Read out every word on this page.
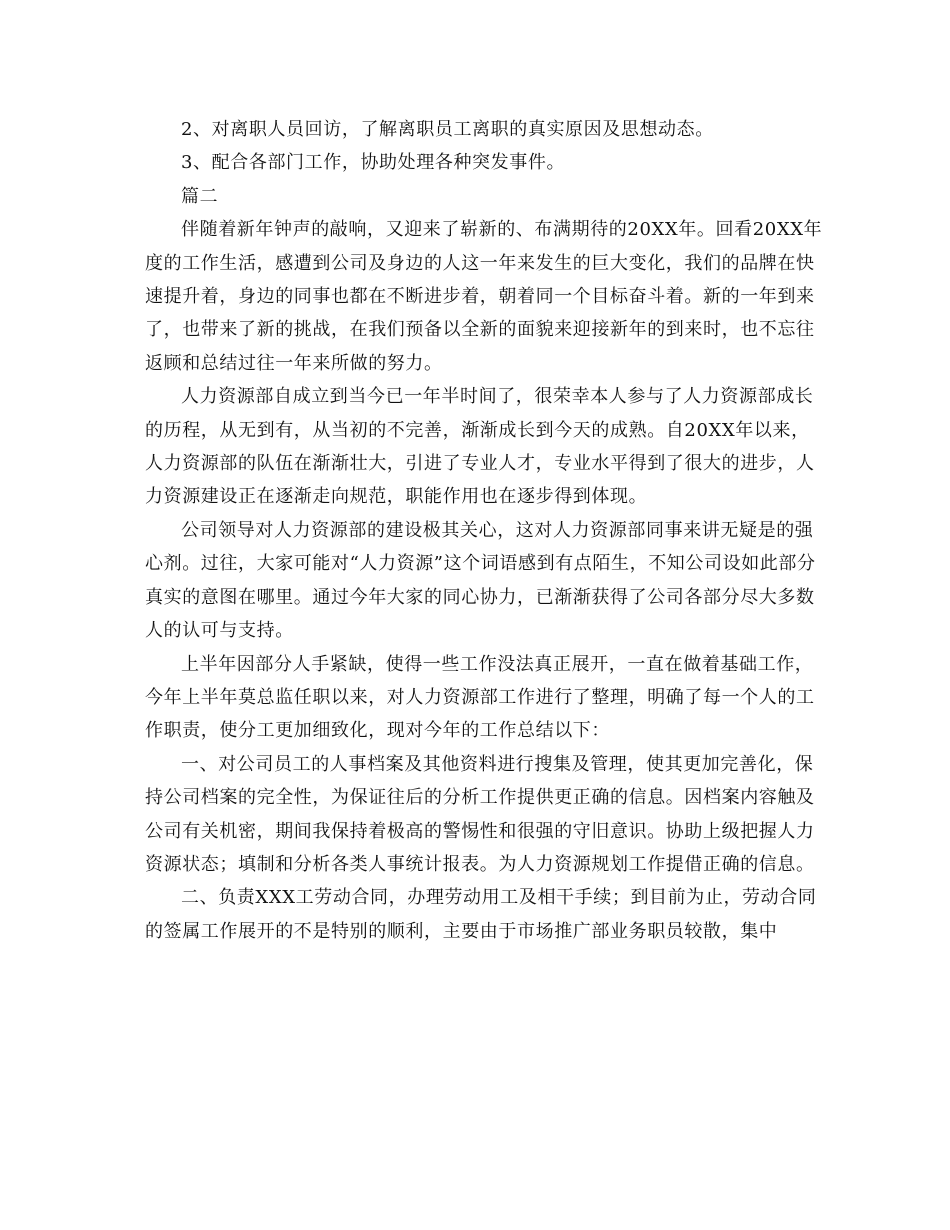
2、对离职人员回访，了解离职员工离职的真实原因及思想动态。

3、配合各部门工作，协助处理各种突发事件。

篇二

伴随着新年钟声的敲响，又迎来了崭新的、布满期待的20XX年。回看20XX年度的工作生活，感遭到公司及身边的人这一年来发生的巨大变化，我们的品牌在快速提升着，身边的同事也都在不断进步着，朝着同一个目标奋斗着。新的一年到来了，也带来了新的挑战，在我们预备以全新的面貌来迎接新年的到来时，也不忘往返顾和总结过往一年来所做的努力。

人力资源部自成立到当今已一年半时间了，很荣幸本人参与了人力资源部成长的历程，从无到有，从当初的不完善，渐渐成长到今天的成熟。自20XX年以来，人力资源部的队伍在渐渐壮大，引进了专业人才，专业水平得到了很大的进步，人力资源建设正在逐渐走向规范，职能作用也在逐步得到体现。

公司领导对人力资源部的建设极其关心，这对人力资源部同事来讲无疑是的强心剂。过往，大家可能对“人力资源”这个词语感到有点陌生，不知公司设如此部分真实的意图在哪里。通过今年大家的同心协力，已渐渐获得了公司各部分尽大多数人的认可与支持。

上半年因部分人手紧缺，使得一些工作没法真正展开，一直在做着基础工作，今年上半年莫总监任职以来，对人力资源部工作进行了整理，明确了每一个人的工作职责，使分工更加细致化，现对今年的工作总结以下：

一、对公司员工的人事档案及其他资料进行搜集及管理，使其更加完善化，保持公司档案的完全性，为保证往后的分析工作提供更正确的信息。因档案内容触及公司有关机密，期间我保持着极高的警惕性和很强的守旧意识。协助上级把握人力资源状态；填制和分析各类人事统计报表。为人力资源规划工作提借正确的信息。

二、负责XXX工劳动合同，办理劳动用工及相干手续；到目前为止，劳动合同的签属工作展开的不是特别的顺利，主要由于市场推广部业务职员较散，集中
